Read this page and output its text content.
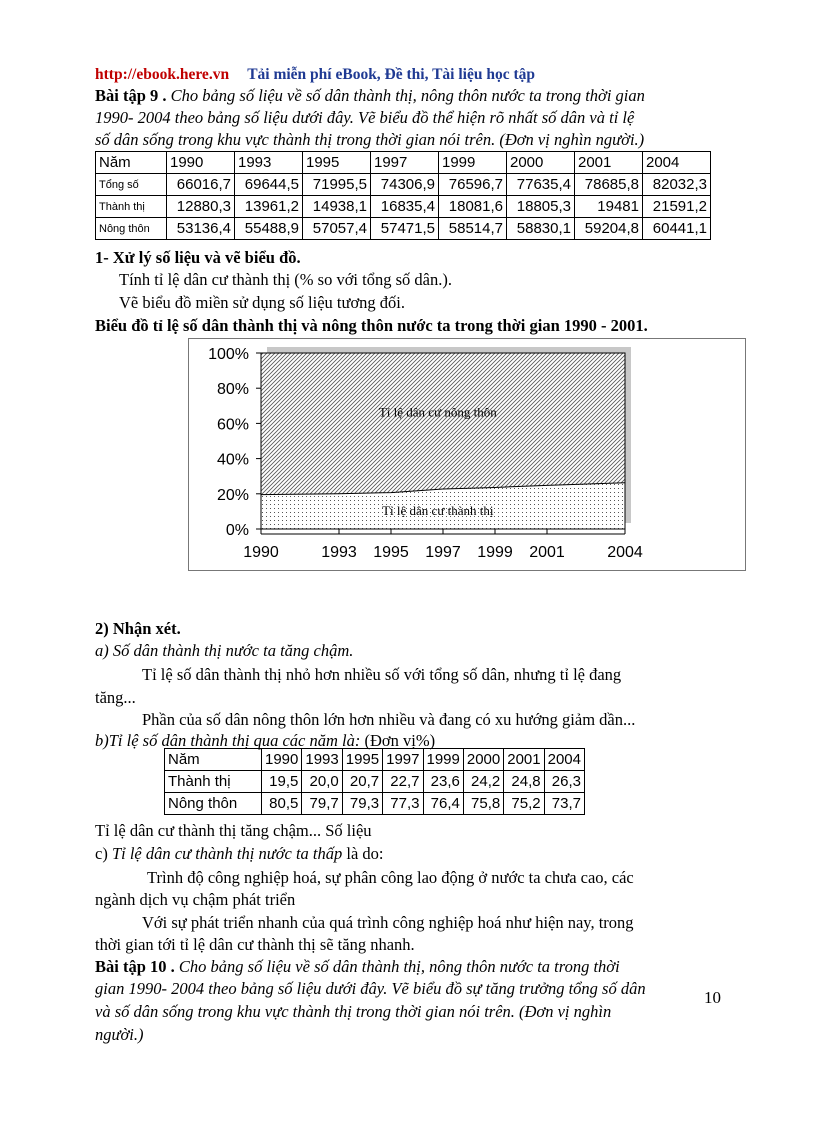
http://ebook.here.vn Tải miễn phí eBook, Đề thi, Tài liệu học tập
Bài tập 9 . Cho bảng số liệu về số dân thành thị, nông thôn nước ta trong thời gian
1990- 2004 theo bảng số liệu dưới đây. Vẽ biểu đồ thể hiện rõ nhất số dân và tỉ lệ
số dân sống trong khu vực thành thị trong thời gian nói trên. (Đơn vị nghìn người.)
Năm	1990	1993	1995	1997	1999	2000	2001	2004
Tổng số	66016,7	69644,5	71995,5	74306,9	76596,7	77635,4	78685,8	82032,3
Thành thị	12880,3	13961,2	14938,1	16835,4	18081,6	18805,3	19481	21591,2
Nông thôn	53136,4	55488,9	57057,4	57471,5	58514,7	58830,1	59204,8	60441,1
1- Xử lý số liệu và vẽ biểu đồ.
Tính tỉ lệ dân cư thành thị (% so với tổng số dân.).
Vẽ biểu đồ miền sử dụng số liệu tương đối.
Biểu đồ tỉ lệ số dân thành thị và nông thôn nước ta trong thời gian 1990 - 2001.
0%
20%
40%
60%
80%
100%
1990	1993 1995 1997 1999 2001	2004
Tỉ lệ dân cư nông thôn
Tỉ lệ dân cư thành thị
2) Nhận xét.
a) Số dân thành thị nước ta tăng chậm.
Tỉ lệ số dân thành thị nhỏ hơn nhiều số với tổng số dân, nhưng tỉ lệ đang
tăng...
Phần của số dân nông thôn lớn hơn nhiều và đang có xu hướng giảm dần...
b)Tỉ lệ số dân thành thị qua các năm là: (Đơn vị%)
Năm	1990	1993	1995	1997	1999	2000	2001	2004
Thành thị	19,5	20,0	20,7	22,7	23,6	24,2	24,8	26,3
Nông thôn	80,5	79,7	79,3	77,3	76,4	75,8	75,2	73,7
Tỉ lệ dân cư thành thị tăng chậm... Số liệu
c) Tỉ lệ dân cư thành thị nước ta thấp là do:
Trình độ công nghiệp hoá, sự phân công lao động ở nước ta chưa cao, các
ngành dịch vụ chậm phát triển
Với sự phát triển nhanh của quá trình công nghiệp hoá như hiện nay, trong
thời gian tới tỉ lệ dân cư thành thị sẽ tăng nhanh.
Bài tập 10 . Cho bảng số liệu về số dân thành thị, nông thôn nước ta trong thời
gian 1990- 2004 theo bảng số liệu dưới đây. Vẽ biểu đồ sự tăng trưởng tổng số dân
và số dân sống trong khu vực thành thị trong thời gian nói trên. (Đơn vị nghìn
người.)
10
